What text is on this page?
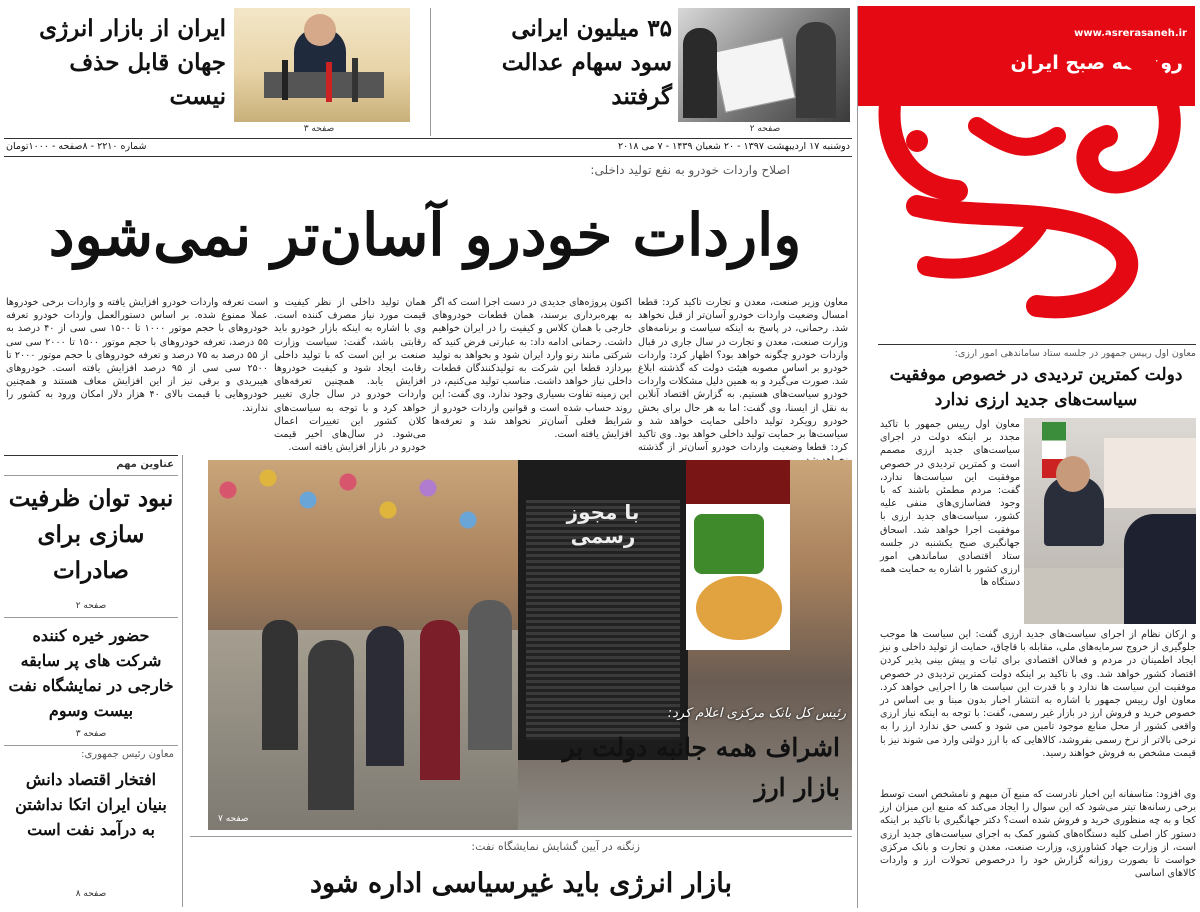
www.asrerasaneh.ir
روزنامه صبح ایران
۳۵ میلیون ایرانی سود سهام عدالت گرفتند
صفحه ۲
ایران از بازار انرژی جهان قابل حذف نیست
صفحه ۳
دوشنبه ۱۷ اردیبهشت ۱۳۹۷ - ۲۰ شعبان ۱۴۳۹ - ۷ می ۲۰۱۸
شماره ۲۲۱۰ - ۸صفحه - ۱۰۰۰تومان
اصلاح واردات خودرو به نفع تولید داخلی:
واردات خودرو آسان‌تر نمی‌شود
معاون وزیر صنعت، معدن و تجارت تاکید کرد: قطعا امسال وضعیت واردات خودرو آسان‌تر از قبل نخواهد شد. رحمانی، در پاسخ به اینکه سیاست و برنامه‌های وزارت صنعت، معدن و تجارت در سال جاری در قبال واردات خودرو چگونه خواهد بود؟ اظهار کرد: واردات خودرو بر اساس مصوبه هیئت دولت که گذشته ابلاغ شد. صورت می‌گیرد و به همین دلیل مشکلات واردات خودرو سیاست‌های هستیم. به گزارش اقتصاد آنلاین به نقل از ایسنا، وی گفت: اما به هر حال برای بخش خودرو رویکرد تولید داخلی حمایت خواهد شد و سیاست‌ها بر حمایت تولید داخلی خواهد بود. وی تاکید کرد: قطعا وضعیت واردات خودرو آسان‌تر از گذشته
اکنون پروژه‌های جدیدی در دست اجرا است که اگر به بهره‌برداری برسند، همان قطعات خودروهای خارجی با همان کلاس و کیفیت را در ایران خواهیم داشت. رحمانی ادامه داد: به عبارتی فرض کنید که شرکتی مانند رنو وارد ایران شود و بخواهد به تولید بپردازد قطعا این شرکت به تولیدکنندگان قطعات داخلی نیاز خواهد داشت. مناسب تولید می‌کنیم، در این زمینه تفاوت بسیاری وجود ندارد. وی گفت: این روند حساب شده است و قوانین واردات خودرو از شرایط فعلی آسان‌تر نخواهد شد و تعرفه‌ها افزایش یافته است.
همان تولید داخلی از نظر کیفیت و قیمت مورد نیاز مصرف کننده است. وی با اشاره به اینکه بازار خودرو باید رقابتی باشد، گفت: سیاست وزارت صنعت بر این است که با تولید داخلی رقابت ایجاد شود و کیفیت خودروها افزایش یابد. همچنین تعرفه‌های واردات خودرو در سال جاری تغییر خواهد کرد و با توجه به سیاست‌های کلان کشور این تغییرات اعمال می‌شود. در سال‌های اخیر قیمت خودرو در بازار افزایش یافته است.
است تعرفه واردات خودرو افزایش یافته و واردات برخی خودروها عملا ممنوع شده. بر اساس دستورالعمل واردات خودرو تعرفه خودروهای با حجم موتور ۱۰۰۰ تا ۱۵۰۰ سی سی از ۴۰ درصد به ۵۵ درصد، تعرفه خودروهای با حجم موتور ۱۵۰۰ تا ۲۰۰۰ سی سی از ۵۵ درصد به ۷۵ درصد و تعرفه خودروهای با حجم موتور ۲۰۰۰ تا ۲۵۰۰ سی سی از ۹۵ درصد افزایش یافته است. خودروهای هیبریدی و برقی نیز از این افزایش معاف هستند و همچنین خودروهایی با قیمت بالای ۴۰ هزار دلار امکان ورود به کشور را ندارند.
عناوین مهم
نبود توان ظرفیت سازی برای صادرات
صفحه ۲
حضور خیره کننده شرکت های پر سابقه خارجی در نمایشگاه نفت بیست وسوم
صفحه ۳
معاون رئیس جمهوری:
افتخار اقتصاد دانش بنیان ایران اتکا نداشتن به درآمد نفت است
صفحه ۸
با مجوز رسمی
رئیس کل بانک مرکزی اعلام کرد:
اشراف همه جانبه دولت بر بازار ارز
صفحه ۷
زنگنه در آیین گشایش نمایشگاه نفت:
بازار انرژی باید غیرسیاسی اداره شود
معاون اول رییس جمهور در جلسه ستاد ساماندهی امور ارزی:
دولت کمترین تردیدی در خصوص موفقیت سیاست‌های جدید ارزی ندارد
معاون اول رییس جمهور با تاکید مجدد بر اینکه دولت در اجرای سیاست‌های جدید ارزی مصمم است و کمترین تردیدی در خصوص موفقیت این سیاست‌ها ندارد، گفت: مردم مطمئن باشند که با وجود فضاسازی‌های منفی علیه کشور، سیاست‌های جدید ارزی با موفقیت اجرا خواهد شد. اسحاق جهانگیری صبح یکشنبه در جلسه ستاد اقتصادی ساماندهی امور ارزی کشور با اشاره به حمایت همه دستگاه ها
و ارکان نظام از اجرای سیاست‌های جدید ارزی گفت: این سیاست ها موجب جلوگیری از خروج سرمایه‌های ملی، مقابله با قاچاق، حمایت از تولید داخلی و نیز ایجاد اطمینان در مردم و فعالان اقتصادی برای ثبات و پیش بینی پذیر کردن اقتصاد کشور خواهد شد. وی با تاکید بر اینکه دولت کمترین تردیدی در خصوص موفقیت این سیاست ها ندارد و با قدرت این سیاست ها را اجرایی خواهد کرد. معاون اول رییس جمهور با اشاره به انتشار اخبار بدون مبنا و بی اساس در خصوص خرید و فروش ارز در بازار غیر رسمی، گفت: با توجه به اینکه نیاز ارزی واقعی کشور از محل منابع موجود تامین می شود و کسی حق ندارد ارز را به نرخی بالاتر از نرخ رسمی بفروشد، کالاهایی که با ارز دولتی وارد می شوند نیز با قیمت مشخص به فروش خواهند رسید.
وی افزود: متاسفانه این اخبار نادرست که منبع آن مبهم و نامشخص است توسط برخی رسانه‌ها تیتر می‌شود که این سوال را ایجاد می‌کند که منبع این میزان ارز کجا و به چه منظوری خرید و فروش شده است؟ دکتر جهانگیری با تاکید بر اینکه دستور کار اصلی کلیه دستگاه‌های کشور کمک به اجرای سیاست‌های جدید ارزی است، از وزارت جهاد کشاورزی، وزارت صنعت، معدن و تجارت و بانک مرکزی خواست تا بصورت روزانه گزارش خود را درخصوص تحولات ارز و واردات کالاهای اساسی
